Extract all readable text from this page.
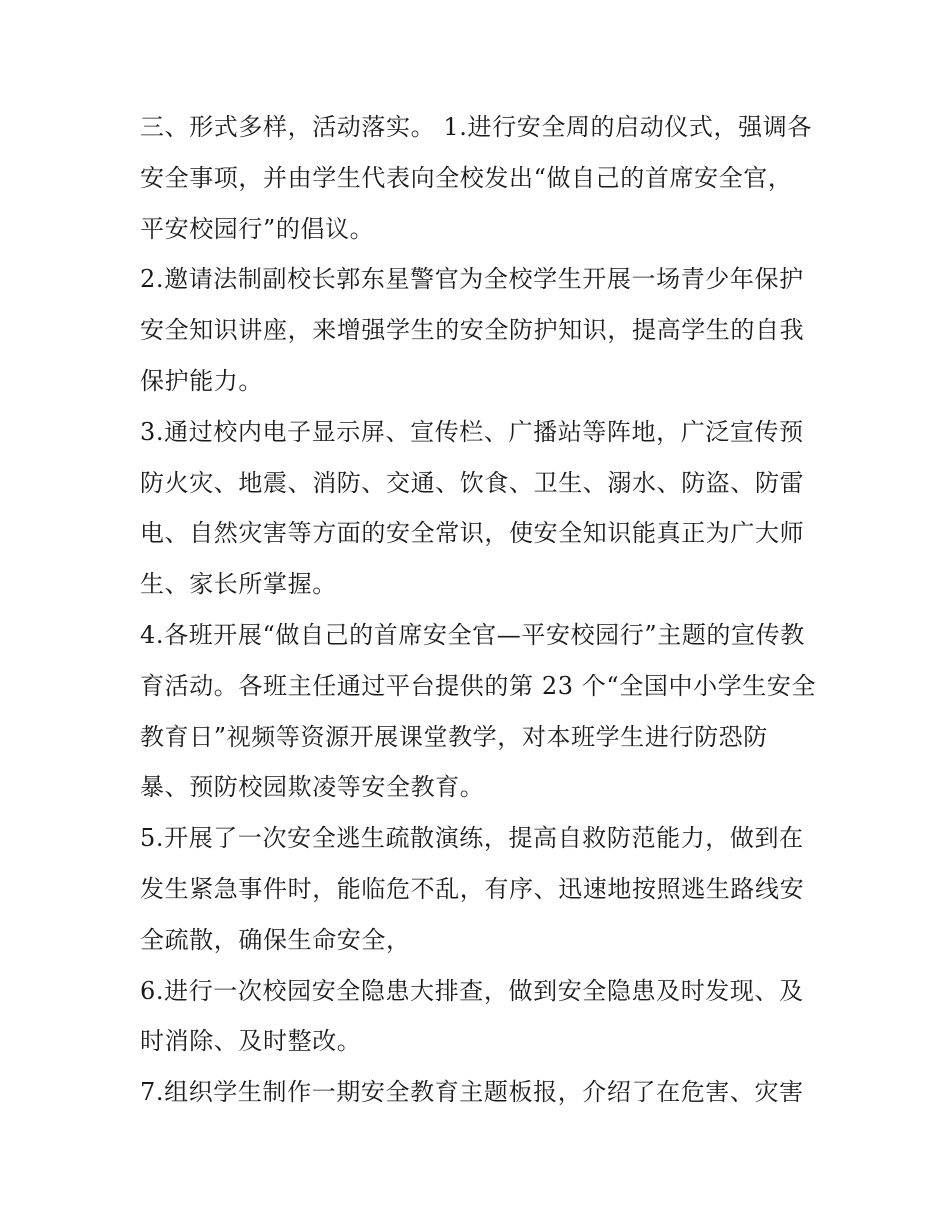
三、形式多样，活动落实。 1.进行安全周的启动仪式，强调各
安全事项，并由学生代表向全校发出“做自己的首席安全官，
平安校园行”的倡议。
2.邀请法制副校长郭东星警官为全校学生开展一场青少年保护
安全知识讲座，来增强学生的安全防护知识，提高学生的自我
保护能力。
3.通过校内电子显示屏、宣传栏、广播站等阵地，广泛宣传预
防火灾、地震、消防、交通、饮食、卫生、溺水、防盗、防雷
电、自然灾害等方面的安全常识，使安全知识能真正为广大师
生、家长所掌握。
4.各班开展“做自己的首席安全官—平安校园行”主题的宣传教
育活动。各班主任通过平台提供的第 23 个“全国中小学生安全
教育日”视频等资源开展课堂教学，对本班学生进行防恐防
暴、预防校园欺凌等安全教育。
5.开展了一次安全逃生疏散演练，提高自救防范能力，做到在
发生紧急事件时，能临危不乱，有序、迅速地按照逃生路线安
全疏散，确保生命安全，
6.进行一次校园安全隐患大排查，做到安全隐患及时发现、及
时消除、及时整改。
7.组织学生制作一期安全教育主题板报，介绍了在危害、灾害
